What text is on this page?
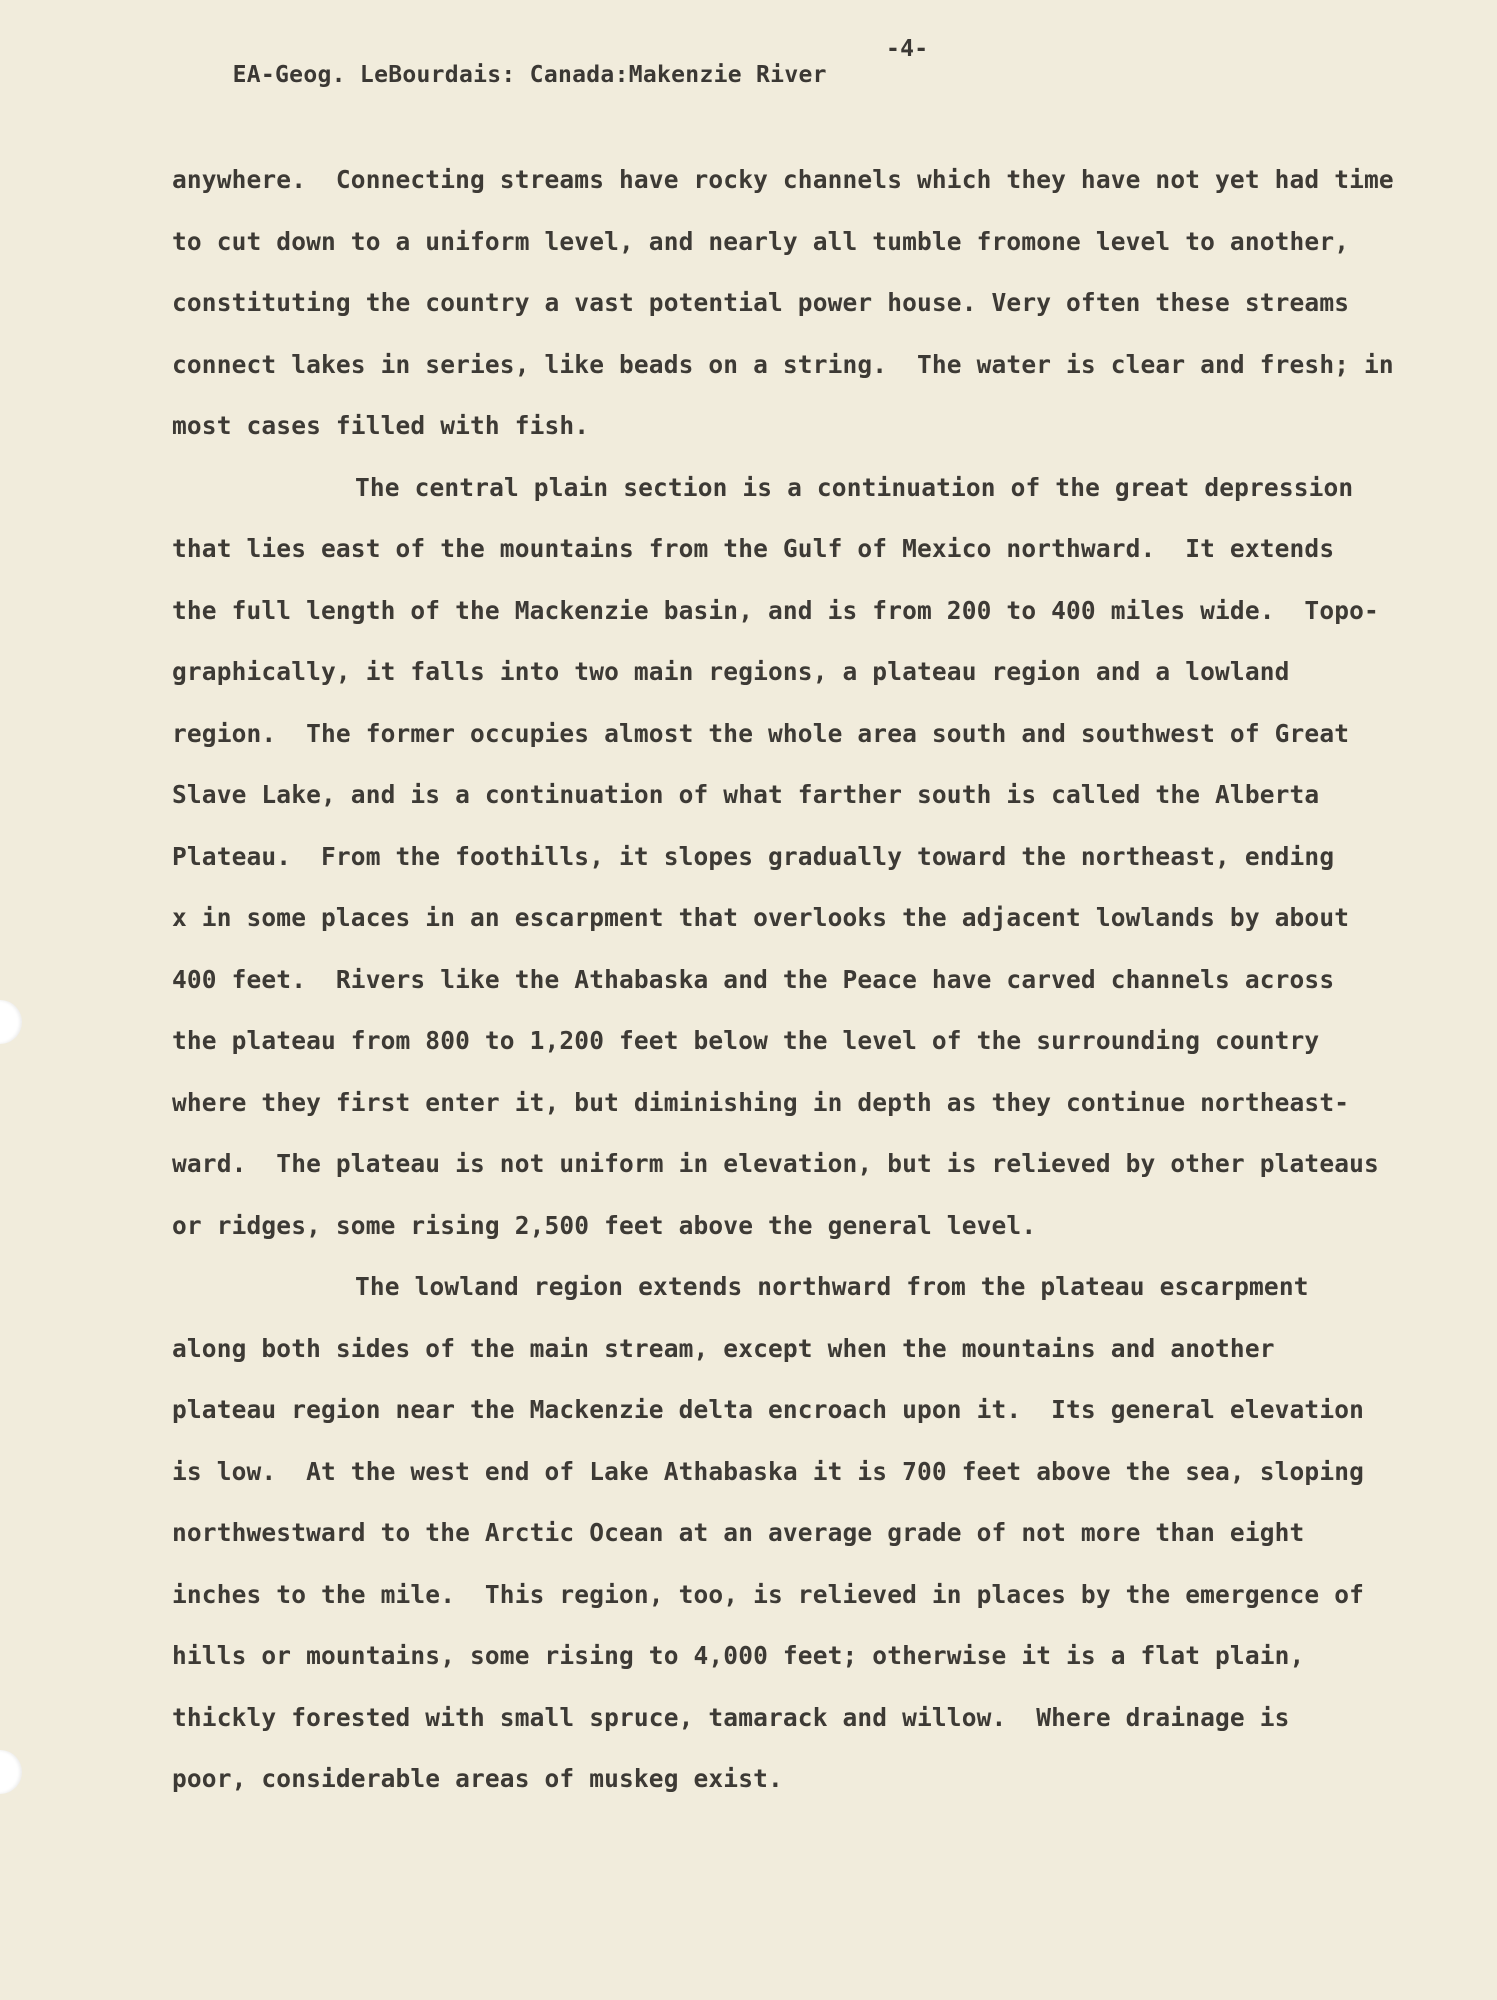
EA-Geog. LeBourdais: Canada:Makenzie River

-4-

anywhere.  Connecting streams have rocky channels which they have not yet had time
to cut down to a uniform level, and nearly all tumble fromone level to another,
constituting the country a vast potential power house. Very often these streams
connect lakes in series, like beads on a string.  The water is clear and fresh; in
most cases filled with fish.
The central plain section is a continuation of the great depression
that lies east of the mountains from the Gulf of Mexico northward.  It extends
the full length of the Mackenzie basin, and is from 200 to 400 miles wide.  Topo-
graphically, it falls into two main regions, a plateau region and a lowland
region.  The former occupies almost the whole area south and southwest of Great
Slave Lake, and is a continuation of what farther south is called the Alberta
Plateau.  From the foothills, it slopes gradually toward the northeast, ending
x in some places in an escarpment that overlooks the adjacent lowlands by about
400 feet.  Rivers like the Athabaska and the Peace have carved channels across
the plateau from 800 to 1,200 feet below the level of the surrounding country
where they first enter it, but diminishing in depth as they continue northeast-
ward.  The plateau is not uniform in elevation, but is relieved by other plateaus
or ridges, some rising 2,500 feet above the general level.
The lowland region extends northward from the plateau escarpment
along both sides of the main stream, except when the mountains and another
plateau region near the Mackenzie delta encroach upon it.  Its general elevation
is low.  At the west end of Lake Athabaska it is 700 feet above the sea, sloping
northwestward to the Arctic Ocean at an average grade of not more than eight
inches to the mile.  This region, too, is relieved in places by the emergence of
hills or mountains, some rising to 4,000 feet; otherwise it is a flat plain,
thickly forested with small spruce, tamarack and willow.  Where drainage is
poor, considerable areas of muskeg exist.
